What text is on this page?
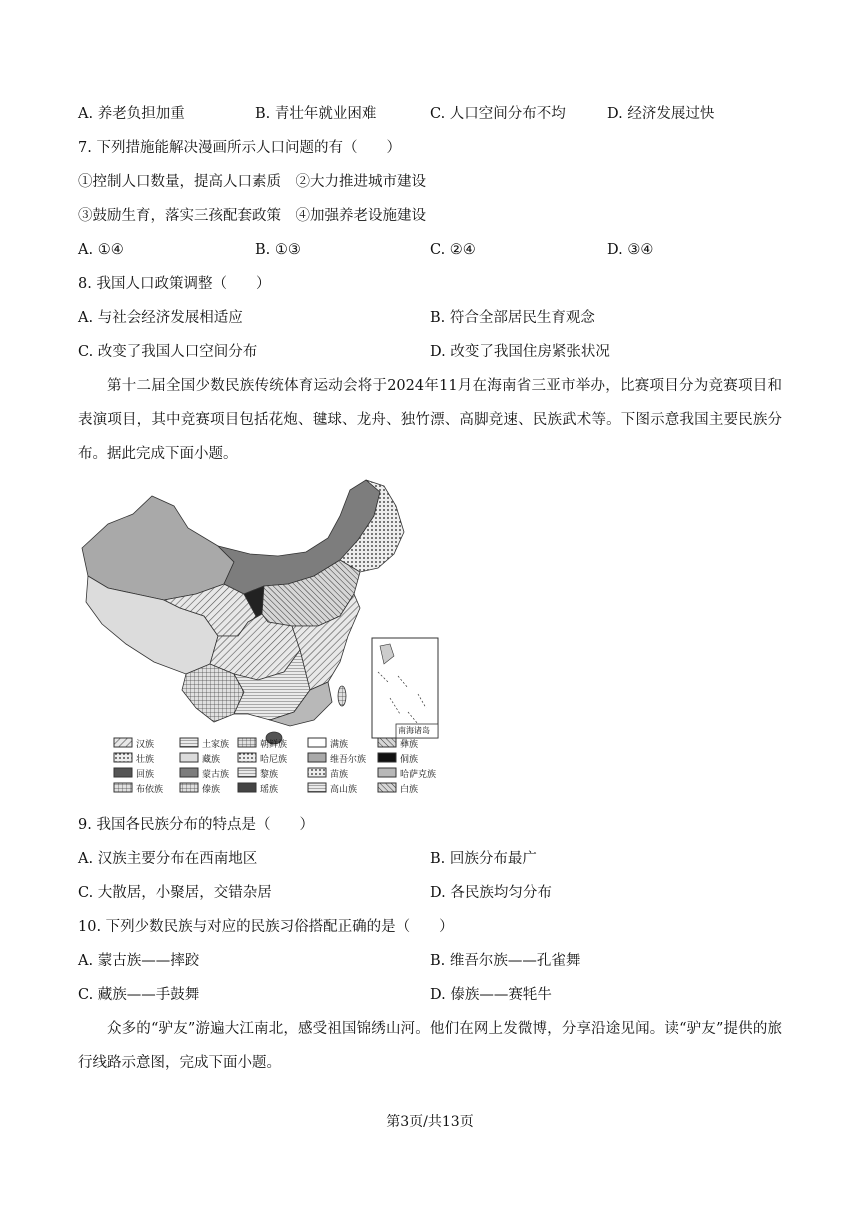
A. 养老负担加重	B. 青壮年就业困难	C. 人口空间分布不均	D. 经济发展过快
7. 下列措施能解决漫画所示人口问题的有（　　）
①控制人口数量，提高人口素质　②大力推进城市建设
③鼓励生育，落实三孩配套政策　④加强养老设施建设
A. ①④	B. ①③	C. ②④	D. ③④
8. 我国人口政策调整（　　）
A. 与社会经济发展相适应	B. 符合全部居民生育观念
C. 改变了我国人口空间分布	D. 改变了我国住房紧张状况
第十二届全国少数民族传统体育运动会将于2024年11月在海南省三亚市举办，比赛项目分为竞赛项目和表演项目，其中竞赛项目包括花炮、毽球、龙舟、独竹漂、高脚竞速、民族武术等。下图示意我国主要民族分布。据此完成下面小题。
南海诸岛
汉族	土家族	朝鲜族	满族	彝族
壮族	藏族	哈尼族	维吾尔族	侗族
回族	蒙古族	黎族	苗族	哈萨克族
布依族	傣族	瑶族	高山族	白族
9. 我国各民族分布的特点是（　　）
A. 汉族主要分布在西南地区	B. 回族分布最广
C. 大散居，小聚居，交错杂居	D. 各民族均匀分布
10. 下列少数民族与对应的民族习俗搭配正确的是（　　）
A. 蒙古族——摔跤	B. 维吾尔族——孔雀舞
C. 藏族——手鼓舞	D. 傣族——赛牦牛
众多的“驴友”游遍大江南北，感受祖国锦绣山河。他们在网上发微博，分享沿途见闻。读“驴友”提供的旅行线路示意图，完成下面小题。
第3页/共13页
